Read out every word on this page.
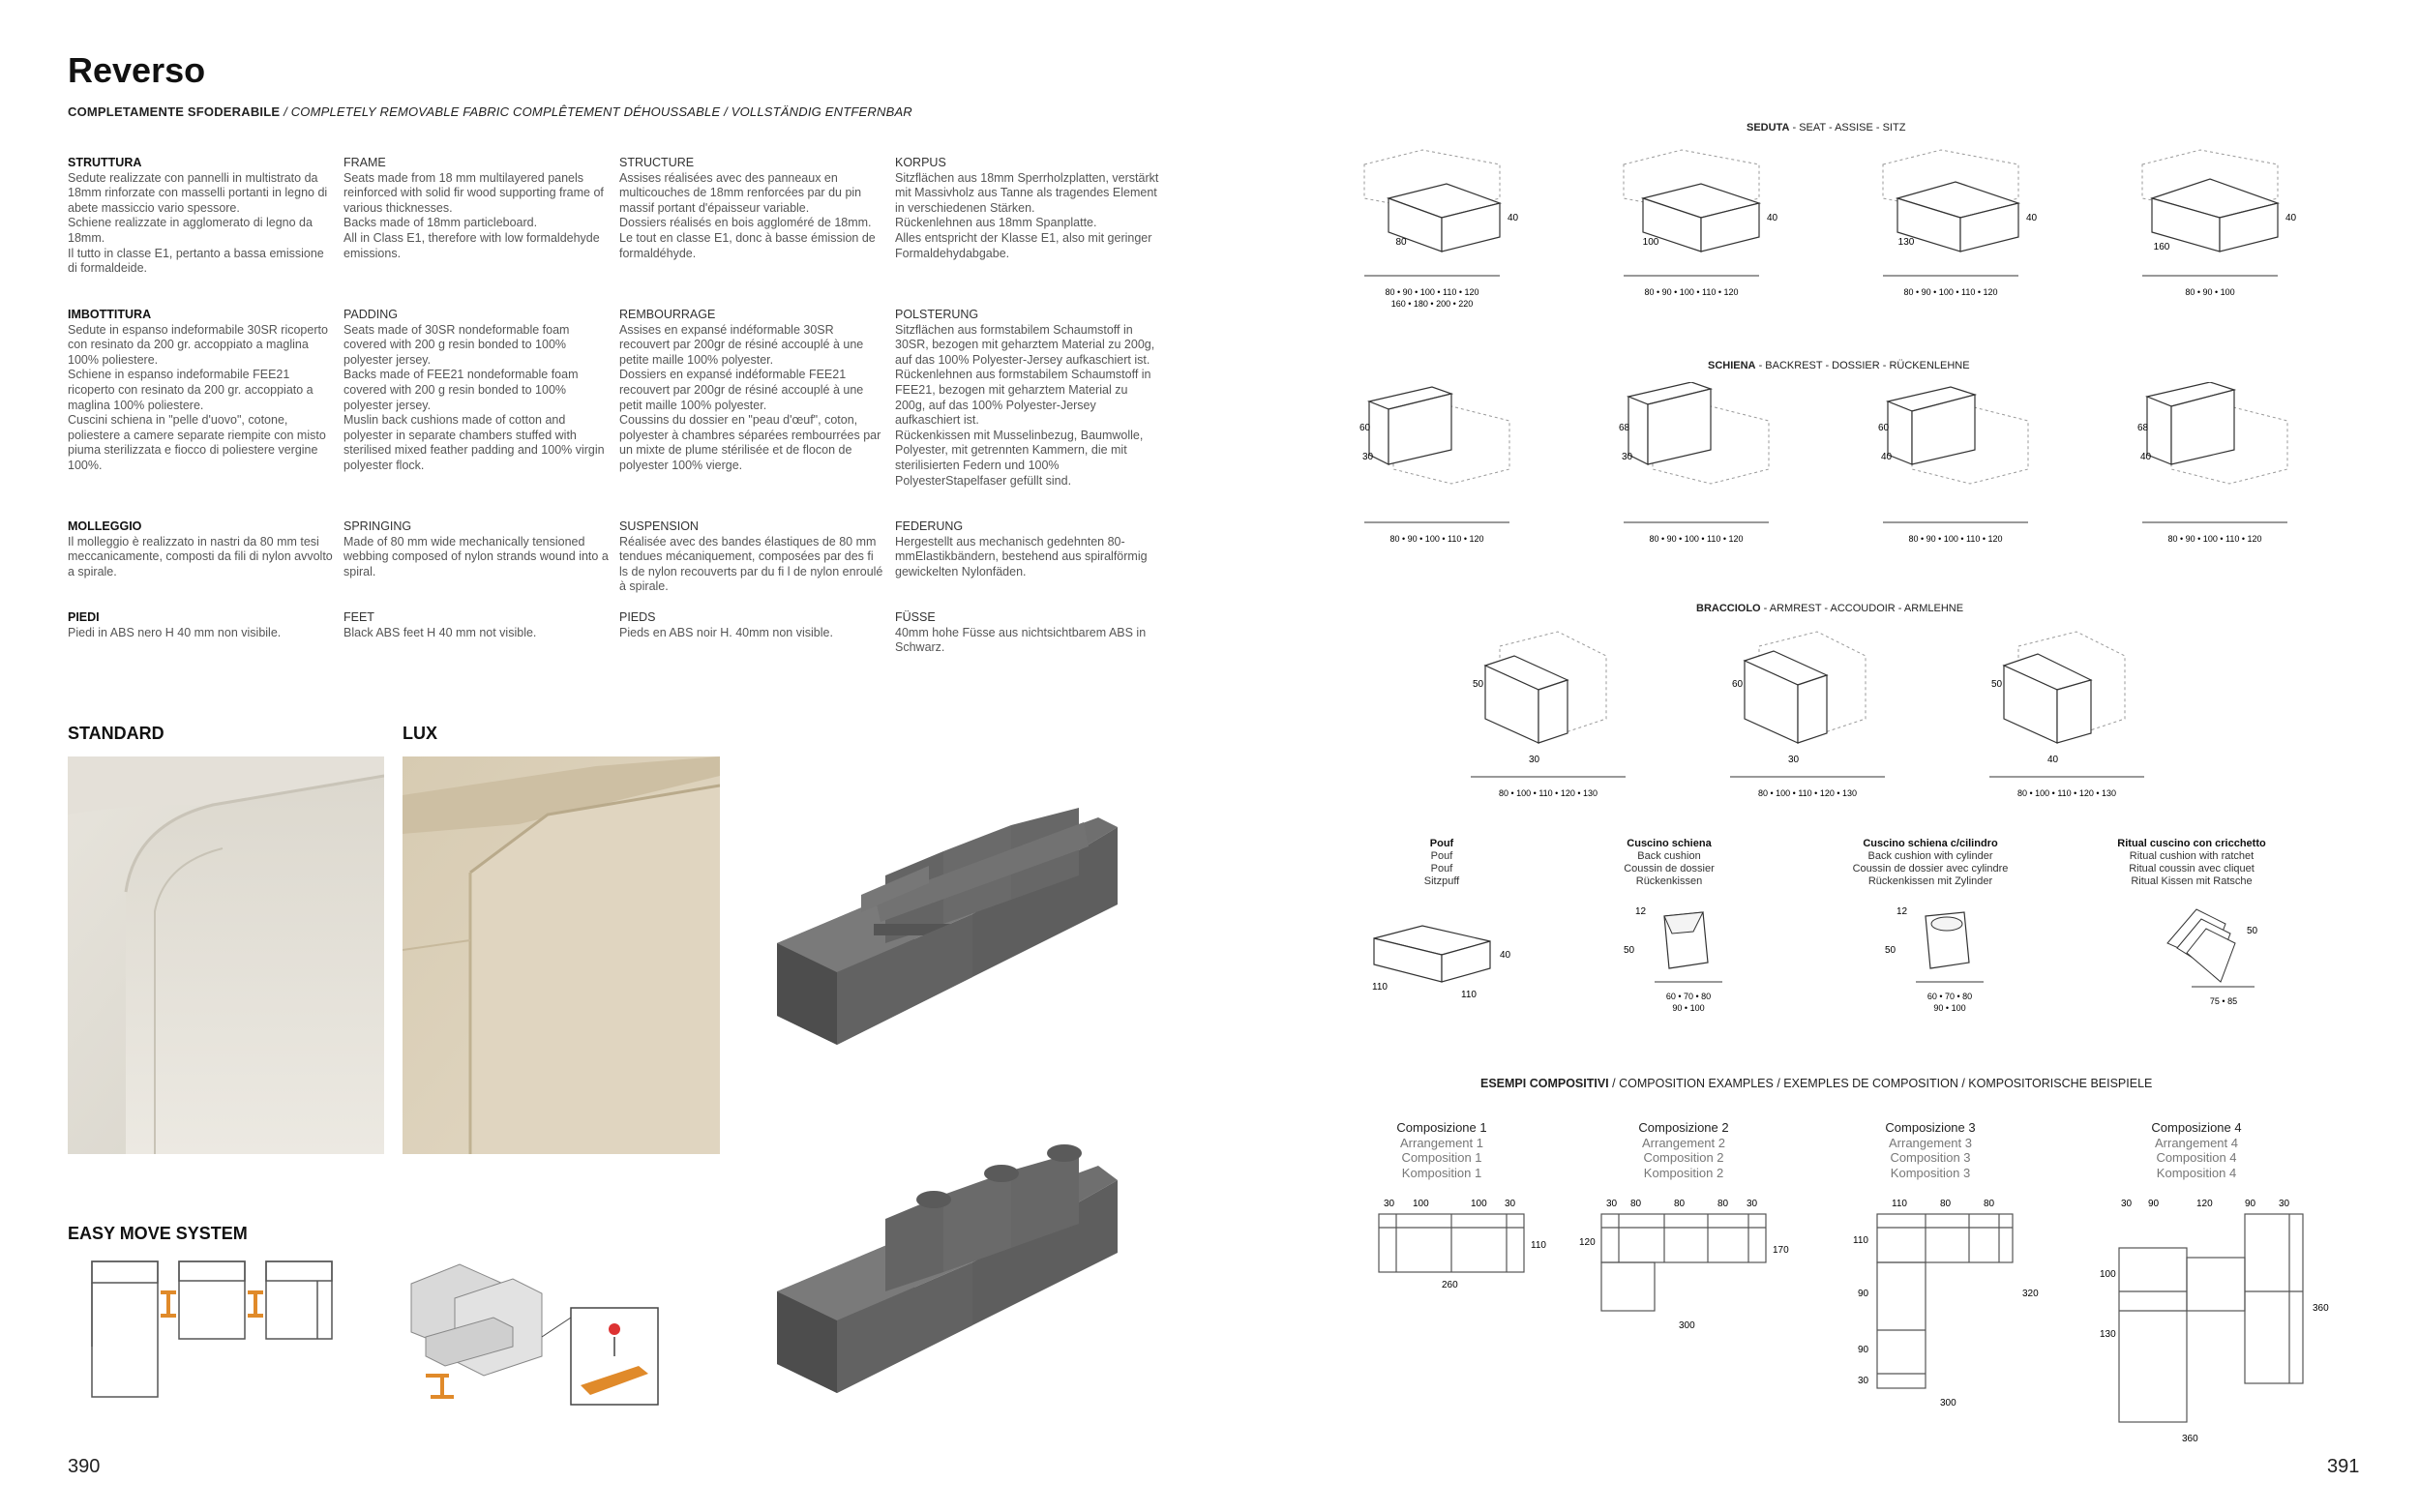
Reverso
COMPLETAMENTE SFODERABILE / COMPLETELY REMOVABLE FABRIC COMPLÊTEMENT DÉHOUSSABLE / VOLLSTÄNDIG ENTFERNBAR

STRUTTURA

Sedute realizzate con pannelli in multistrato da 18mm rinforzate con masselli portanti in legno di abete massiccio vario spessore.
Schiene realizzate in agglomerato di legno da 18mm.
Il tutto in classe E1, pertanto a bassa emissione di formaldeide.

FRAME

Seats made from 18 mm multilayered panels reinforced with solid fir wood supporting frame of various thicknesses.
Backs made of 18mm particleboard.
All in Class E1, therefore with low formaldehyde emissions.

STRUCTURE

Assises réalisées avec des panneaux en multicouches de 18mm renforcées par du pin massif portant d'épaisseur variable.
Dossiers réalisés en bois aggloméré de 18mm.
Le tout en classe E1, donc à basse émission de formaldéhyde.

KORPUS

Sitzflächen aus 18mm Sperrholzplatten, verstärkt mit Massivholz aus Tanne als tragendes Element in verschiedenen Stärken.
Rückenlehnen aus 18mm Spanplatte.
Alles entspricht der Klasse E1, also mit geringer Formaldehydabgabe.

IMBOTTITURA

Sedute in espanso indeformabile 30SR ricoperto con resinato da 200 gr. accoppiato a maglina 100% poliestere.
Schiene in espanso indeformabile FEE21 ricoperto con resinato da 200 gr. accoppiato a maglina 100% poliestere.
Cuscini schiena in "pelle d'uovo", cotone, poliestere a camere separate riempite con misto piuma sterilizzata e fiocco di poliestere vergine 100%.

PADDING

Seats made of 30SR nondeformable foam covered with 200 g resin bonded to 100% polyester jersey.
Backs made of FEE21 nondeformable foam covered with 200 g resin bonded to 100% polyester jersey.
Muslin back cushions made of cotton and polyester in separate chambers stuffed with sterilised mixed feather padding and 100% virgin polyester flock.

REMBOURRAGE

Assises en expansé indéformable 30SR recouvert par 200gr de résiné accouplé à une petite maille 100% polyester.
Dossiers en expansé indéformable FEE21 recouvert par 200gr de résiné accouplé à une petit maille 100% polyester.
Coussins du dossier en "peau d'œuf", coton, polyester à chambres séparées rembourrées par un mixte de plume stérilisée et de flocon de polyester 100% vierge.

POLSTERUNG

Sitzflächen aus formstabilem Schaumstoff in 30SR, bezogen mit geharztem Material zu 200g, auf das 100% Polyester-Jersey aufkaschiert ist.
Rückenlehnen aus formstabilem Schaumstoff in FEE21, bezogen mit geharztem Material zu 200g, auf das 100% Polyester-Jersey aufkaschiert ist.
Rückenkissen mit Musselinbezug, Baumwolle, Polyester, mit getrennten Kammern, die mit sterilisierten Federn und 100% PolyesterStapelfaser gefüllt sind.

MOLLEGGIO

Il molleggio è realizzato in nastri da 80 mm tesi meccanicamente, composti da fili di nylon avvolto a spirale.

SPRINGING

Made of 80 mm wide mechanically tensioned webbing composed of nylon strands wound into a spiral.

SUSPENSION

Réalisée avec des bandes élastiques de 80 mm tendues mécaniquement, composées par des fi ls de nylon recouverts par du fi l de nylon enroulé à spirale.

FEDERUNG

Hergestellt aus mechanisch gedehnten 80-mmElastikbändern, bestehend aus spiralförmig gewickelten Nylonfäden.

PIEDI

Piedi in ABS nero H 40 mm non visibile.

FEET

Black ABS feet H 40 mm not visible.

PIEDS

Pieds en ABS noir H. 40mm non visible.

FÜSSE

40mm hohe Füsse aus nichtsichtbarem ABS in Schwarz.

STANDARD	LUX
EASY MOVE SYSTEM
390	391
SEDUTA - SEAT - ASSISE - SITZ
80
40
80 • 90 • 100 • 110 • 120
160 • 180 • 200 • 220
100
40
80 • 90 • 100 • 110 • 120
130
40
80 • 90 • 100 • 110 • 120
160
40
80 • 90 • 100
SCHIENA - BACKREST - DOSSIER - RÜCKENLEHNE
60
30
80 • 90 • 100 • 110 • 120
68
30
80 • 90 • 100 • 110 • 120
60
40
80 • 90 • 100 • 110 • 120
68
40
80 • 90 • 100 • 110 • 120
BRACCIOLO - ARMREST - ACCOUDOIR - ARMLEHNE
50
30
80 • 100 • 110 • 120 • 130
60
30
80 • 100 • 110 • 120 • 130
50
40
80 • 100 • 110 • 120 • 130
Pouf
Pouf
Pouf
Sitzpuff
Cuscino schiena
Back cushion
Coussin de dossier
Rückenkissen
Cuscino schiena c/cilindro
Back cushion with cylinder
Coussin de dossier avec cylindre
Rückenkissen mit Zylinder
Ritual cuscino con cricchetto
Ritual cushion with ratchet
Ritual coussin avec cliquet
Ritual Kissen mit Ratsche
110
110
40
12
50
60 • 70 • 80
90 • 100
12
50
60 • 70 • 80
90 • 100
50
75 • 85
ESEMPI COMPOSITIVI / COMPOSITION EXAMPLES / EXEMPLES DE COMPOSITION / KOMPOSITORISCHE BEISPIELE
Composizione 1
Arrangement 1
Composition 1
Komposition 1
Composizione 2
Arrangement 2
Composition 2
Komposition 2
Composizione 3
Arrangement 3
Composition 3
Komposition 3
Composizione 4
Arrangement 4
Composition 4
Komposition 4
30 100	100 30
110
260
30 80	80	80 30
120
170
300
110	80	80
110
90
90
30
320
300
30 90	120	90 30
100
130
360
360
